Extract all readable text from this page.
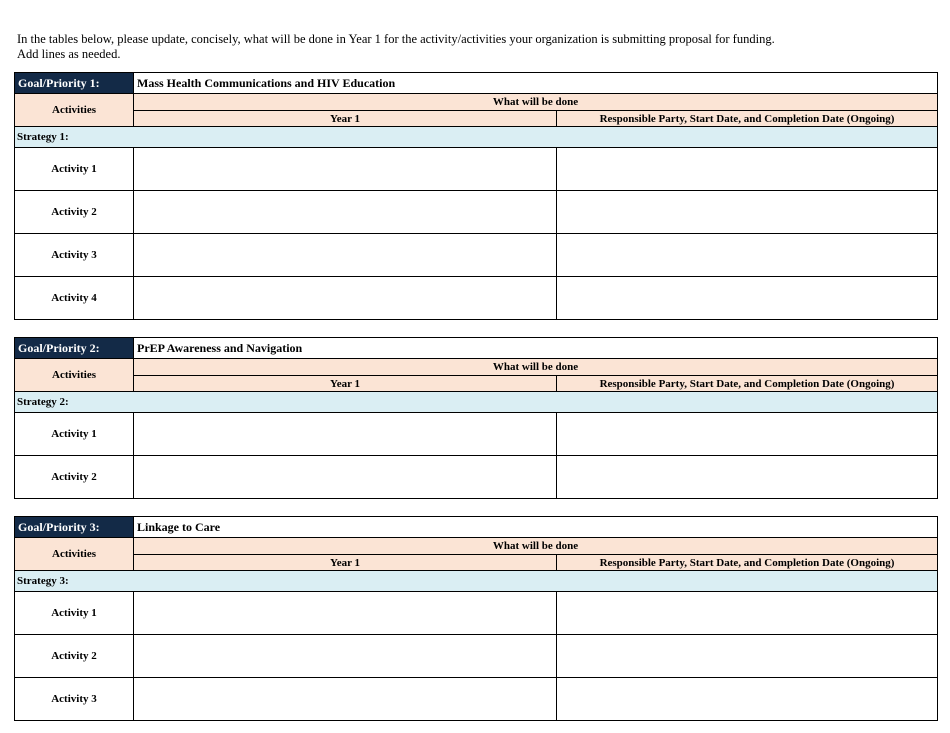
In the tables below, please update, concisely, what will be done in Year 1 for the activity/activities your organization is submitting proposal for funding.
Add lines as needed.
Goal/Priority 1:	Mass Health Communications and HIV Education	
Activities	What will be done	
	Year 1	Responsible Party, Start Date, and Completion Date (Ongoing)
Strategy 1:		
Activity 1		
Activity 2		
Activity 3		
Activity 4		
Goal/Priority 2:	PrEP Awareness and Navigation	
Activities	What will be done	
	Year 1	Responsible Party, Start Date, and Completion Date (Ongoing)
Strategy 2:		
Activity 1		
Activity 2		
Goal/Priority 3:	Linkage to Care	
Activities	What will be done	
	Year 1	Responsible Party, Start Date, and Completion Date (Ongoing)
Strategy 3:		
Activity 1		
Activity 2		
Activity 3		
